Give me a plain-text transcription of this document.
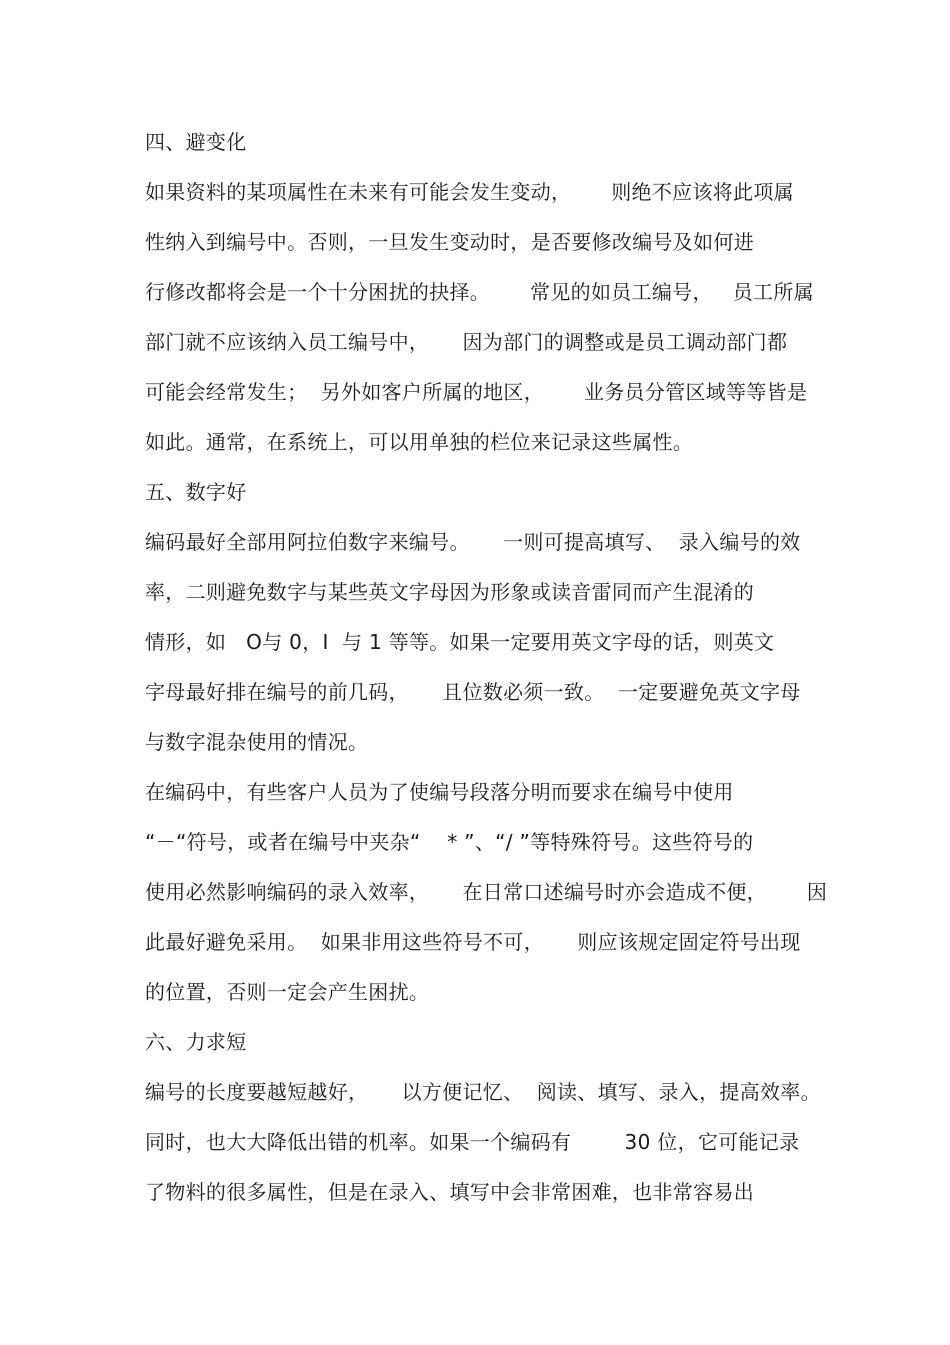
四、避变化
如果资料的某项属性在未来有可能会发生变动，      则绝不应该将此项属
性纳入到编号中。否则，一旦发生变动时，是否要修改编号及如何进
行修改都将会是一个十分困扰的抉择。      常见的如员工编号，   员工所属
部门就不应该纳入员工编号中，     因为部门的调整或是员工调动部门都
可能会经常发生；  另外如客户所属的地区，      业务员分管区域等等皆是
如此。通常，在系统上，可以用单独的栏位来记录这些属性。
五、数字好
编码最好全部用阿拉伯数字来编号。     一则可提高填写、  录入编号的效
率，二则避免数字与某些英文字母因为形象或读音雷同而产生混淆的
情形，如   O与 0，I  与 1 等等。如果一定要用英文字母的话，则英文
字母最好排在编号的前几码，     且位数必须一致。  一定要避免英文字母
与数字混杂使用的情况。
在编码中，有些客户人员为了使编号段落分明而要求在编号中使用
“－“符号，或者在编号中夹杂“    * ”、“/ ”等特殊符号。这些符号的
使用必然影响编码的录入效率，     在日常口述编号时亦会造成不便，      因
此最好避免采用。  如果非用这些符号不可，     则应该规定固定符号出现
的位置，否则一定会产生困扰。
六、力求短
编号的长度要越短越好，     以方便记忆、  阅读、填写、录入，提高效率。
同时，也大大降低出错的机率。如果一个编码有        30 位，它可能记录
了物料的很多属性，但是在录入、填写中会非常困难，也非常容易出
